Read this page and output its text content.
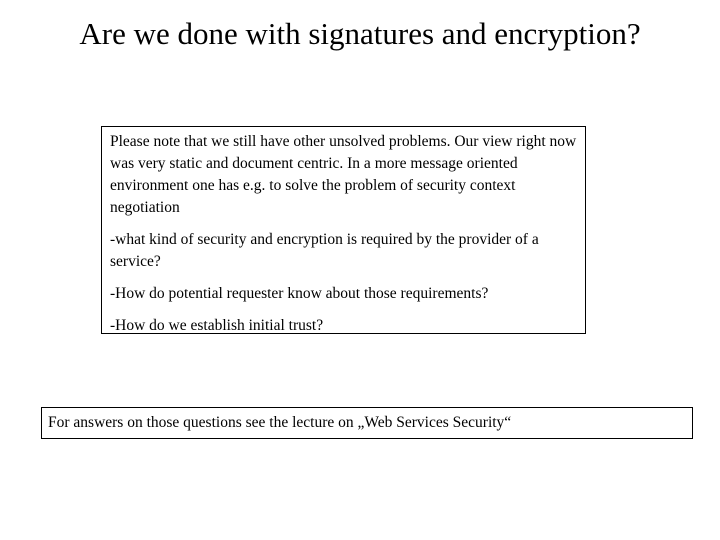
Are we done with signatures and encryption?

Please note that we still have other unsolved problems. Our view right now was very static and document centric. In a more message oriented environment one has e.g. to solve the problem of security context negotiation

-what kind of security and encryption is required by the provider of a service?

-How do potential requester know about those requirements?

-How do we establish initial trust?

For answers on those questions see the lecture on „Web Services Security“
